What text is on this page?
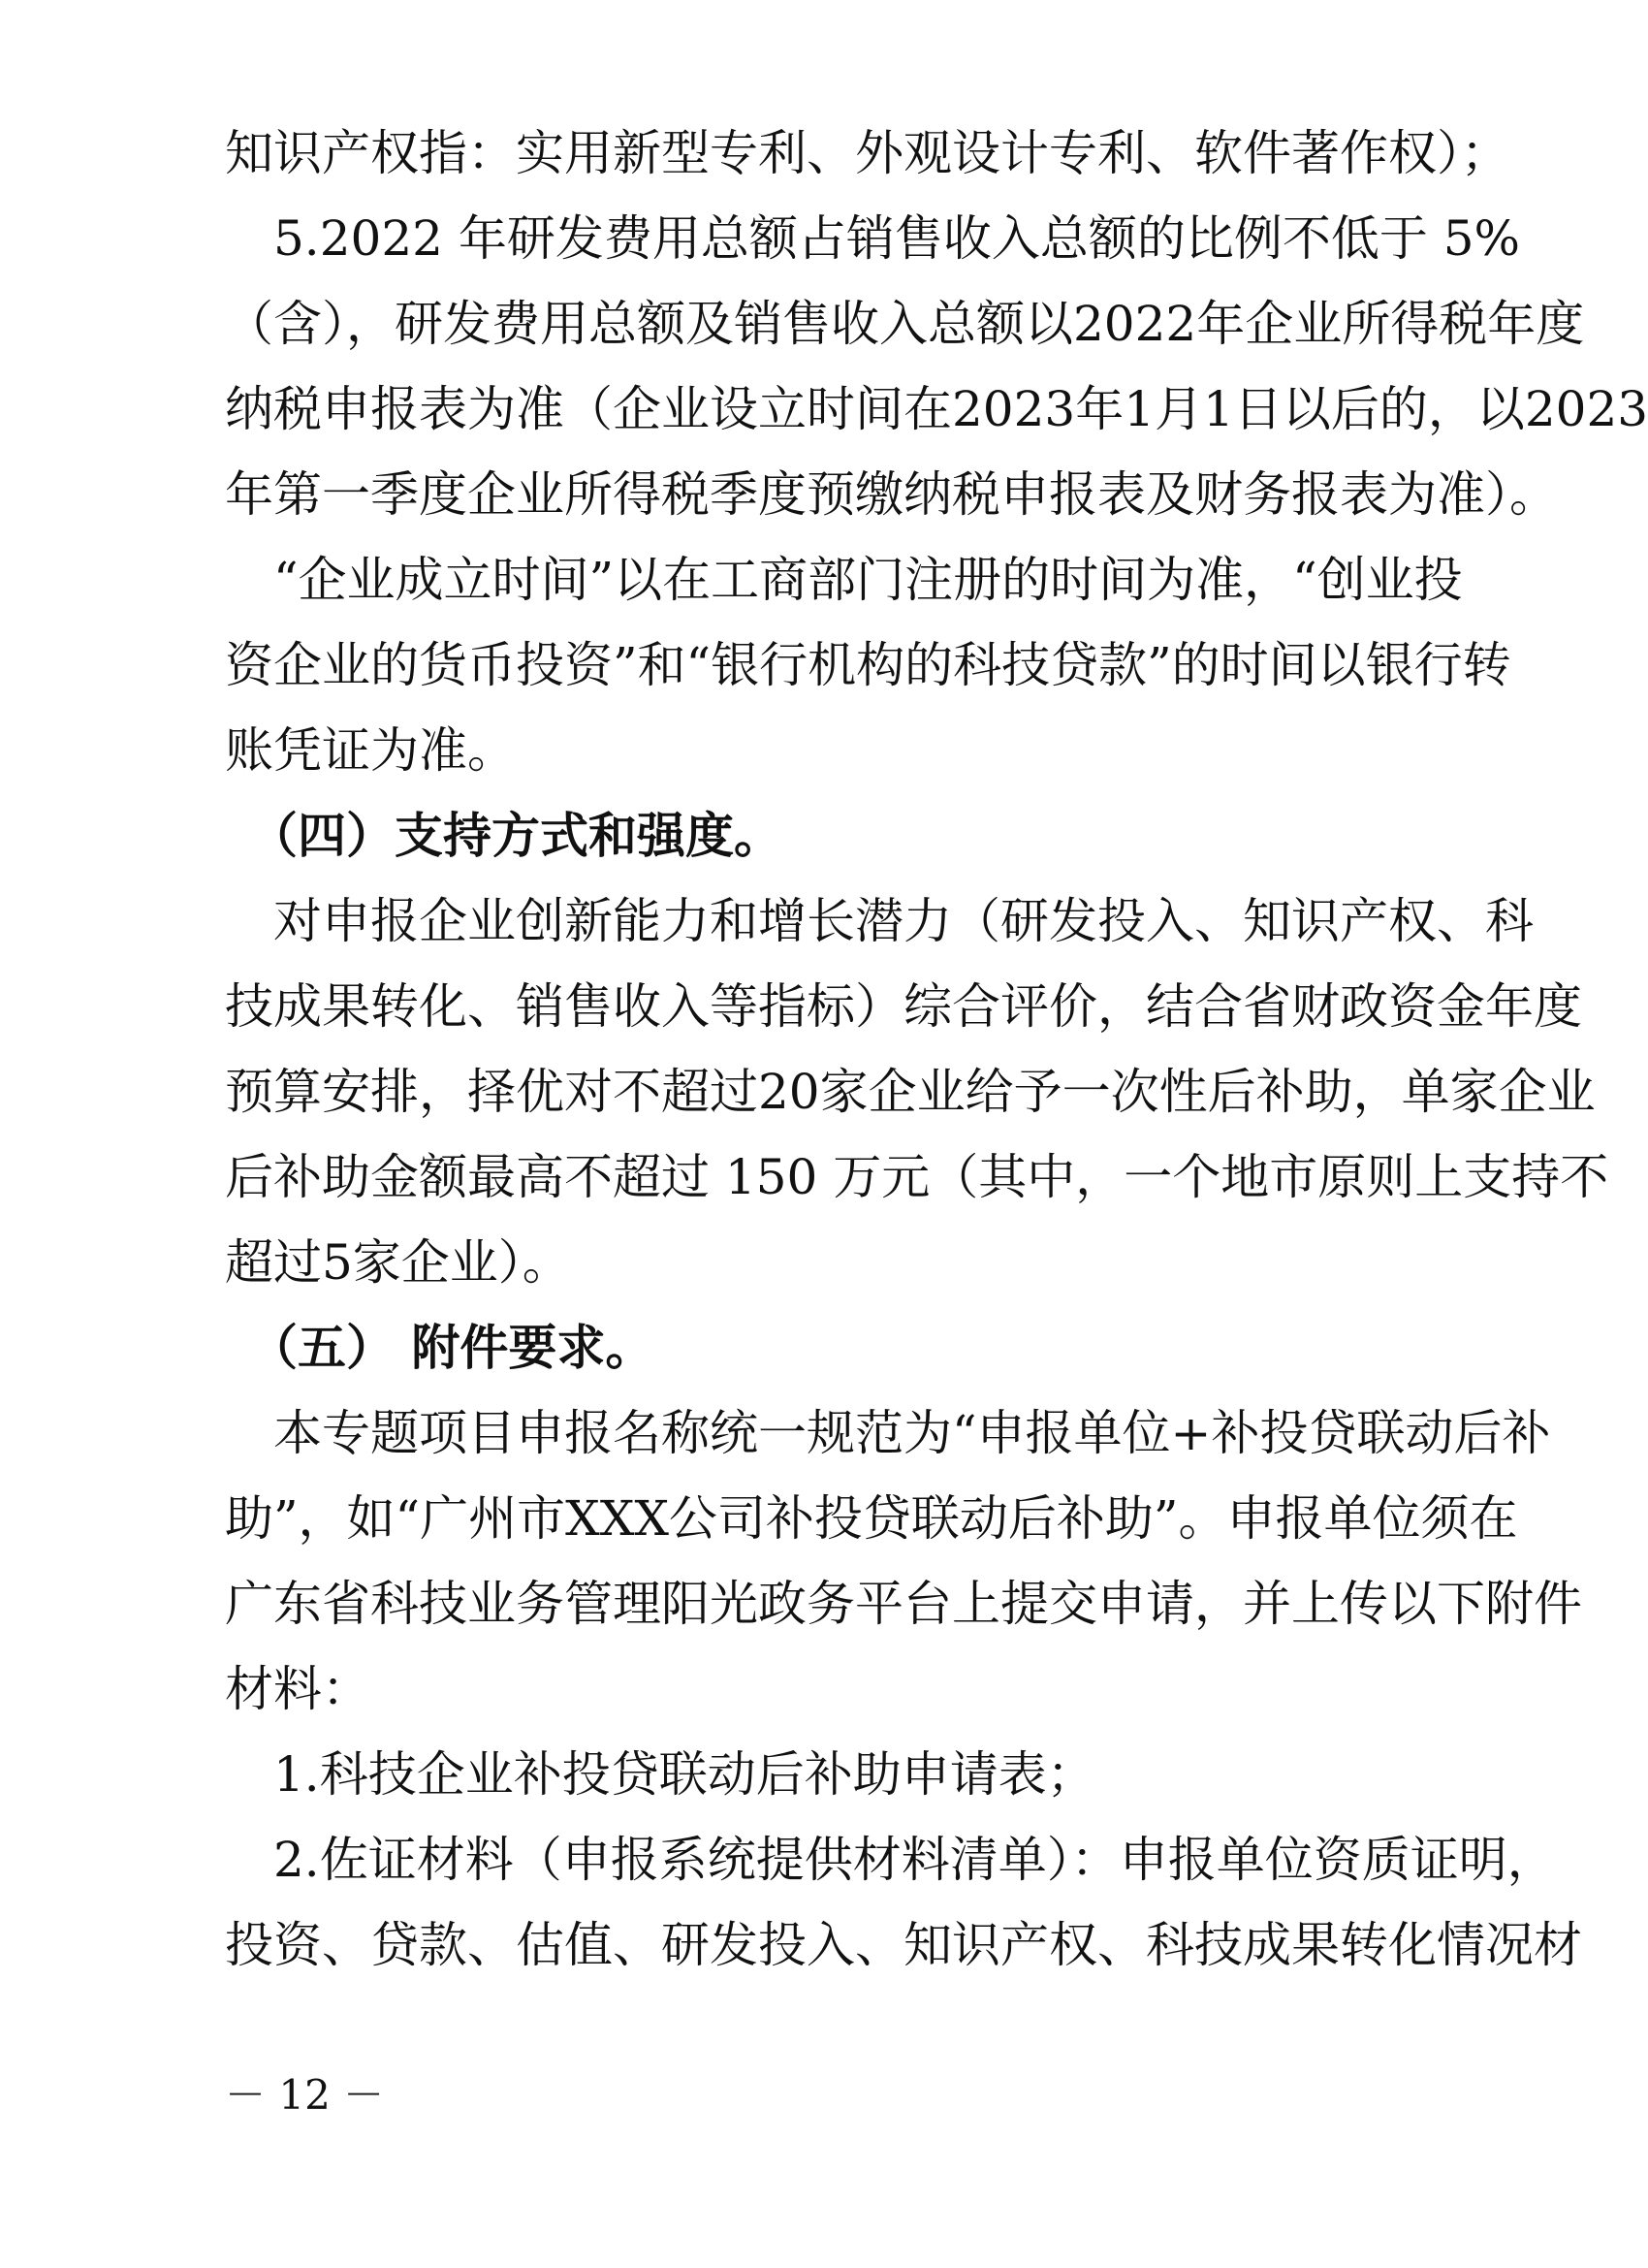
知识产权指：实用新型专利、外观设计专利、软件著作权）；
　5.2022 年研发费用总额占销售收入总额的比例不低于 5%
（含），研发费用总额及销售收入总额以2022年企业所得税年度
纳税申报表为准（企业设立时间在2023年1月1日以后的，以2023
年第一季度企业所得税季度预缴纳税申报表及财务报表为准）。
　“企业成立时间”以在工商部门注册的时间为准，“创业投
资企业的货币投资”和“银行机构的科技贷款”的时间以银行转
账凭证为准。
　（四）支持方式和强度。
　对申报企业创新能力和增长潜力（研发投入、知识产权、科
技成果转化、销售收入等指标）综合评价，结合省财政资金年度
预算安排，择优对不超过20家企业给予一次性后补助，单家企业
后补助金额最高不超过 150 万元（其中，一个地市原则上支持不
超过5家企业）。
　（五） 附件要求。
　本专题项目申报名称统一规范为“申报单位+补投贷联动后补
助”，如“广州市XXX公司补投贷联动后补助”。申报单位须在
广东省科技业务管理阳光政务平台上提交申请，并上传以下附件
材料：
　1.科技企业补投贷联动后补助申请表；
　2.佐证材料（申报系统提供材料清单）：申报单位资质证明，
投资、贷款、估值、研发投入、知识产权、科技成果转化情况材
－ 12 －
